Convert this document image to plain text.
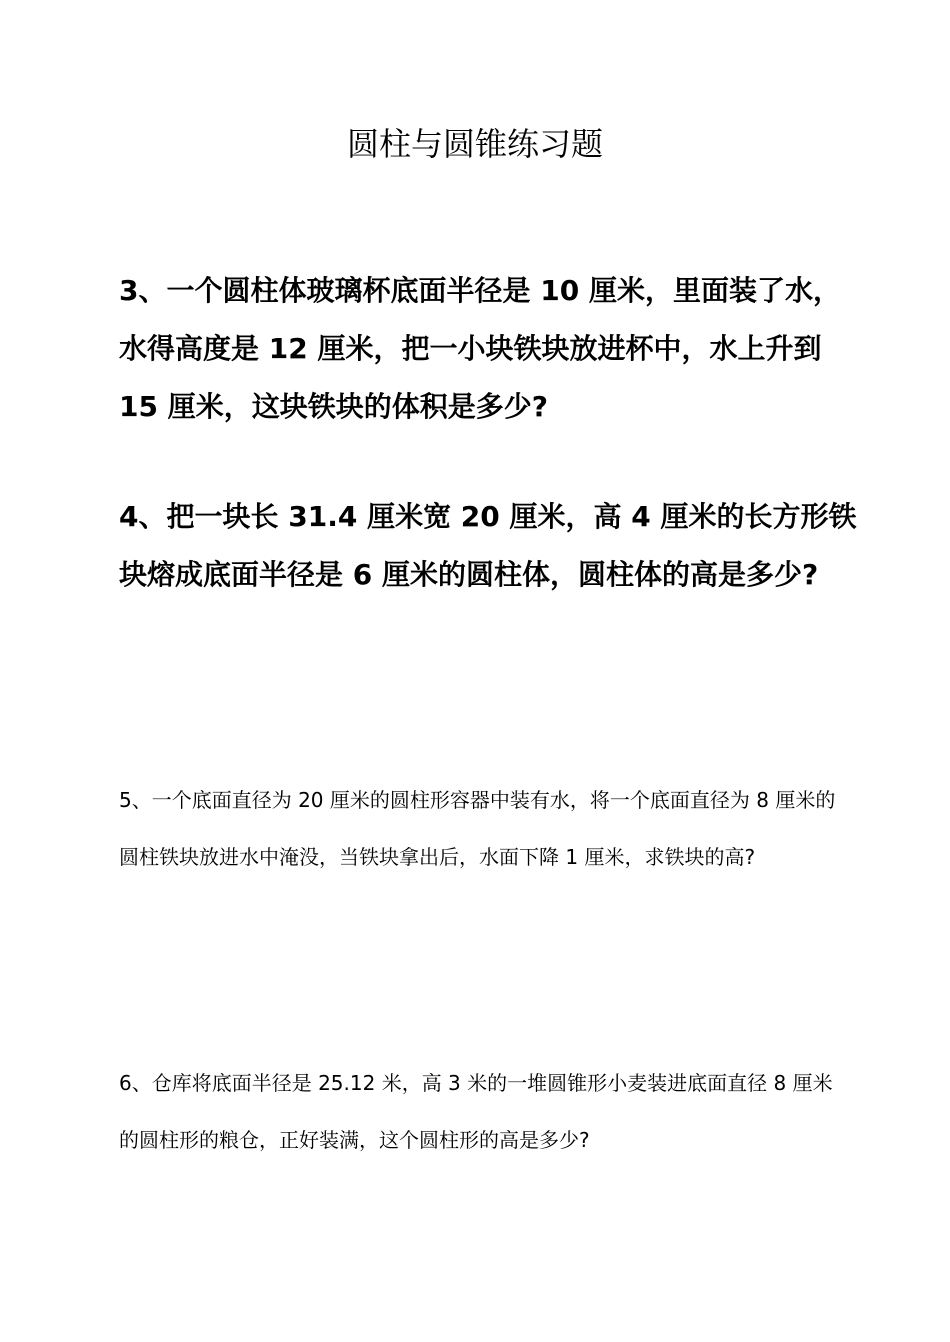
圆柱与圆锥练习题

3、一个圆柱体玻璃杯底面半径是 10 厘米，里面装了水，水得高度是 12 厘米，把一小块铁块放进杯中，水上升到 15 厘米，这块铁块的体积是多少?

4、把一块长 31.4 厘米宽 20 厘米，高 4 厘米的长方形铁块熔成底面半径是 6 厘米的圆柱体，圆柱体的高是多少?

5、一个底面直径为 20 厘米的圆柱形容器中装有水，将一个底面直径为 8 厘米的圆柱铁块放进水中淹没，当铁块拿出后，水面下降 1 厘米，求铁块的高?

6、仓库将底面半径是 25.12 米，高 3 米的一堆圆锥形小麦装进底面直径 8 厘米的圆柱形的粮仓，正好装满，这个圆柱形的高是多少?
